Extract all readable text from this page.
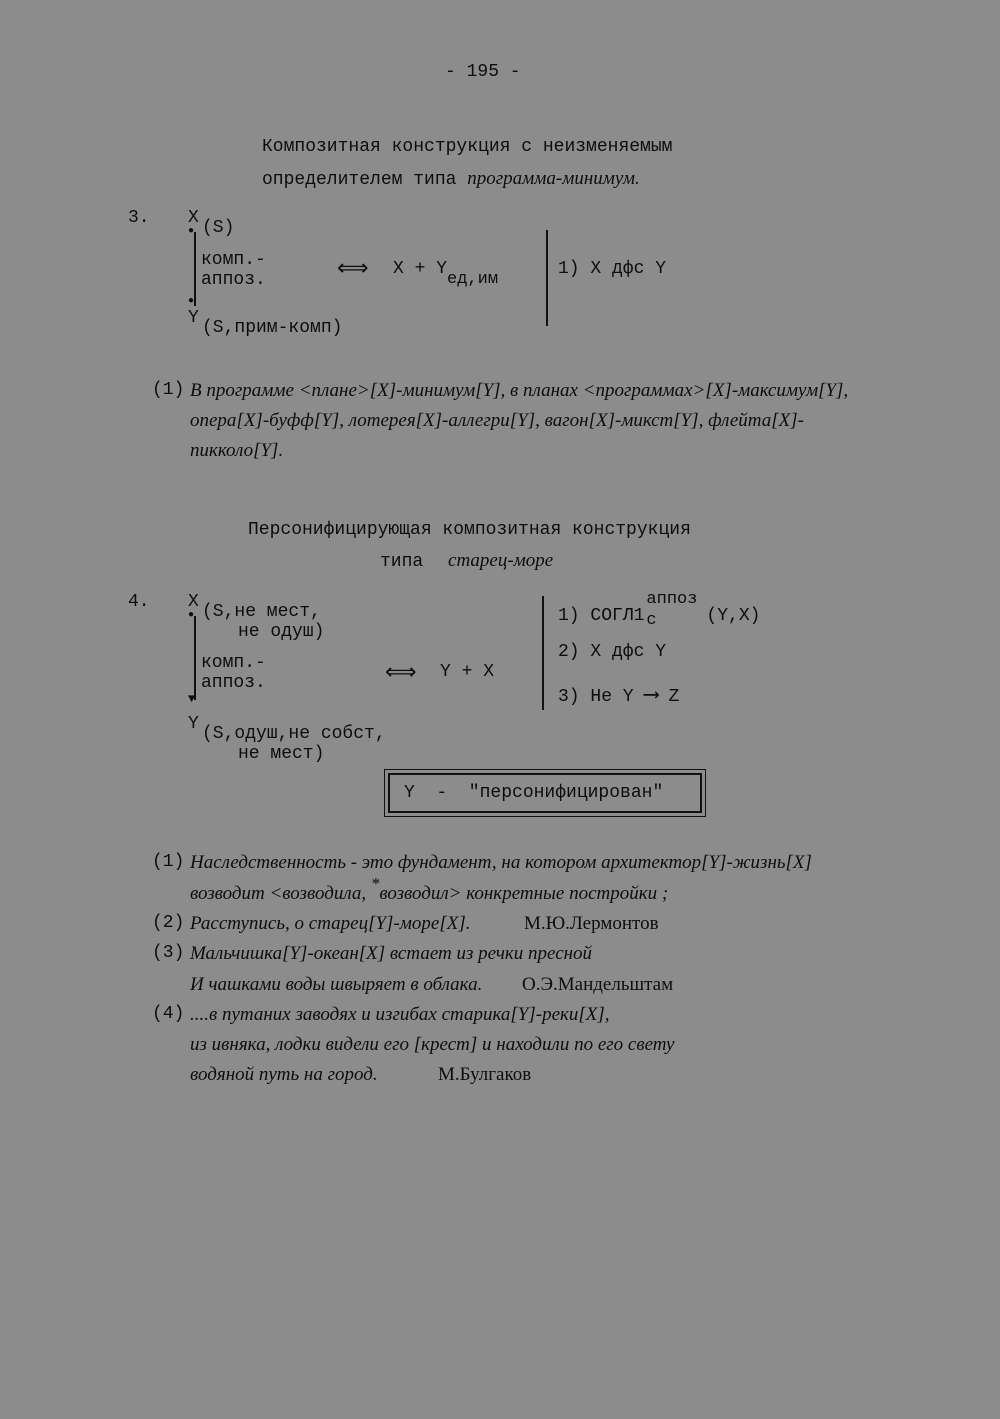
- 195 -
Композитная конструкция с неизменяемым
определителем типа программа-минимум.
3. X (S)
●
●
комп.-
аппоз.
Y (S,прим-комп)
⟺ X + Yед,им
1) X дфс Y
(1) В программе <плане>[X]-минимум[Y], в планах <программах>[X]-максимум[Y],
опера[X]-буфф[Y], лотерея[X]-аллегри[Y], вагон[X]-микст[Y], флейта[X]-
пикколо[Y].
Персонифицирующая композитная конструкция
типа старец-море
4. X (S,не мест,
не одуш)
●
▼
комп.-
аппоз.
Y (S,одуш,не собст,
не мест)
⟺ Y + X
1) СОГЛ1
аппоз
с	(Y,X)
2) X дфс Y
3) Не Y ⟶ Z
Y  -  "персонифицирован"
(1) Наследственность - это фундамент, на котором архитектор[Y]-жизнь[X]
возводит <возводила, *возводил> конкретные постройки ;
(2) Расступись, о старец[Y]-море[X].	М.Ю.Лермонтов
(3) Мальчишка[Y]-океан[X] встает из речки пресной
И чашками воды швыряет в облака. О.Э.Мандельштам
(4) ....в путаних заводях и изгибах старика[Y]-реки[X],
из ивняка, лодки видели его [крест] и находили по его свету
водяной путь на город.	М.Булгаков
